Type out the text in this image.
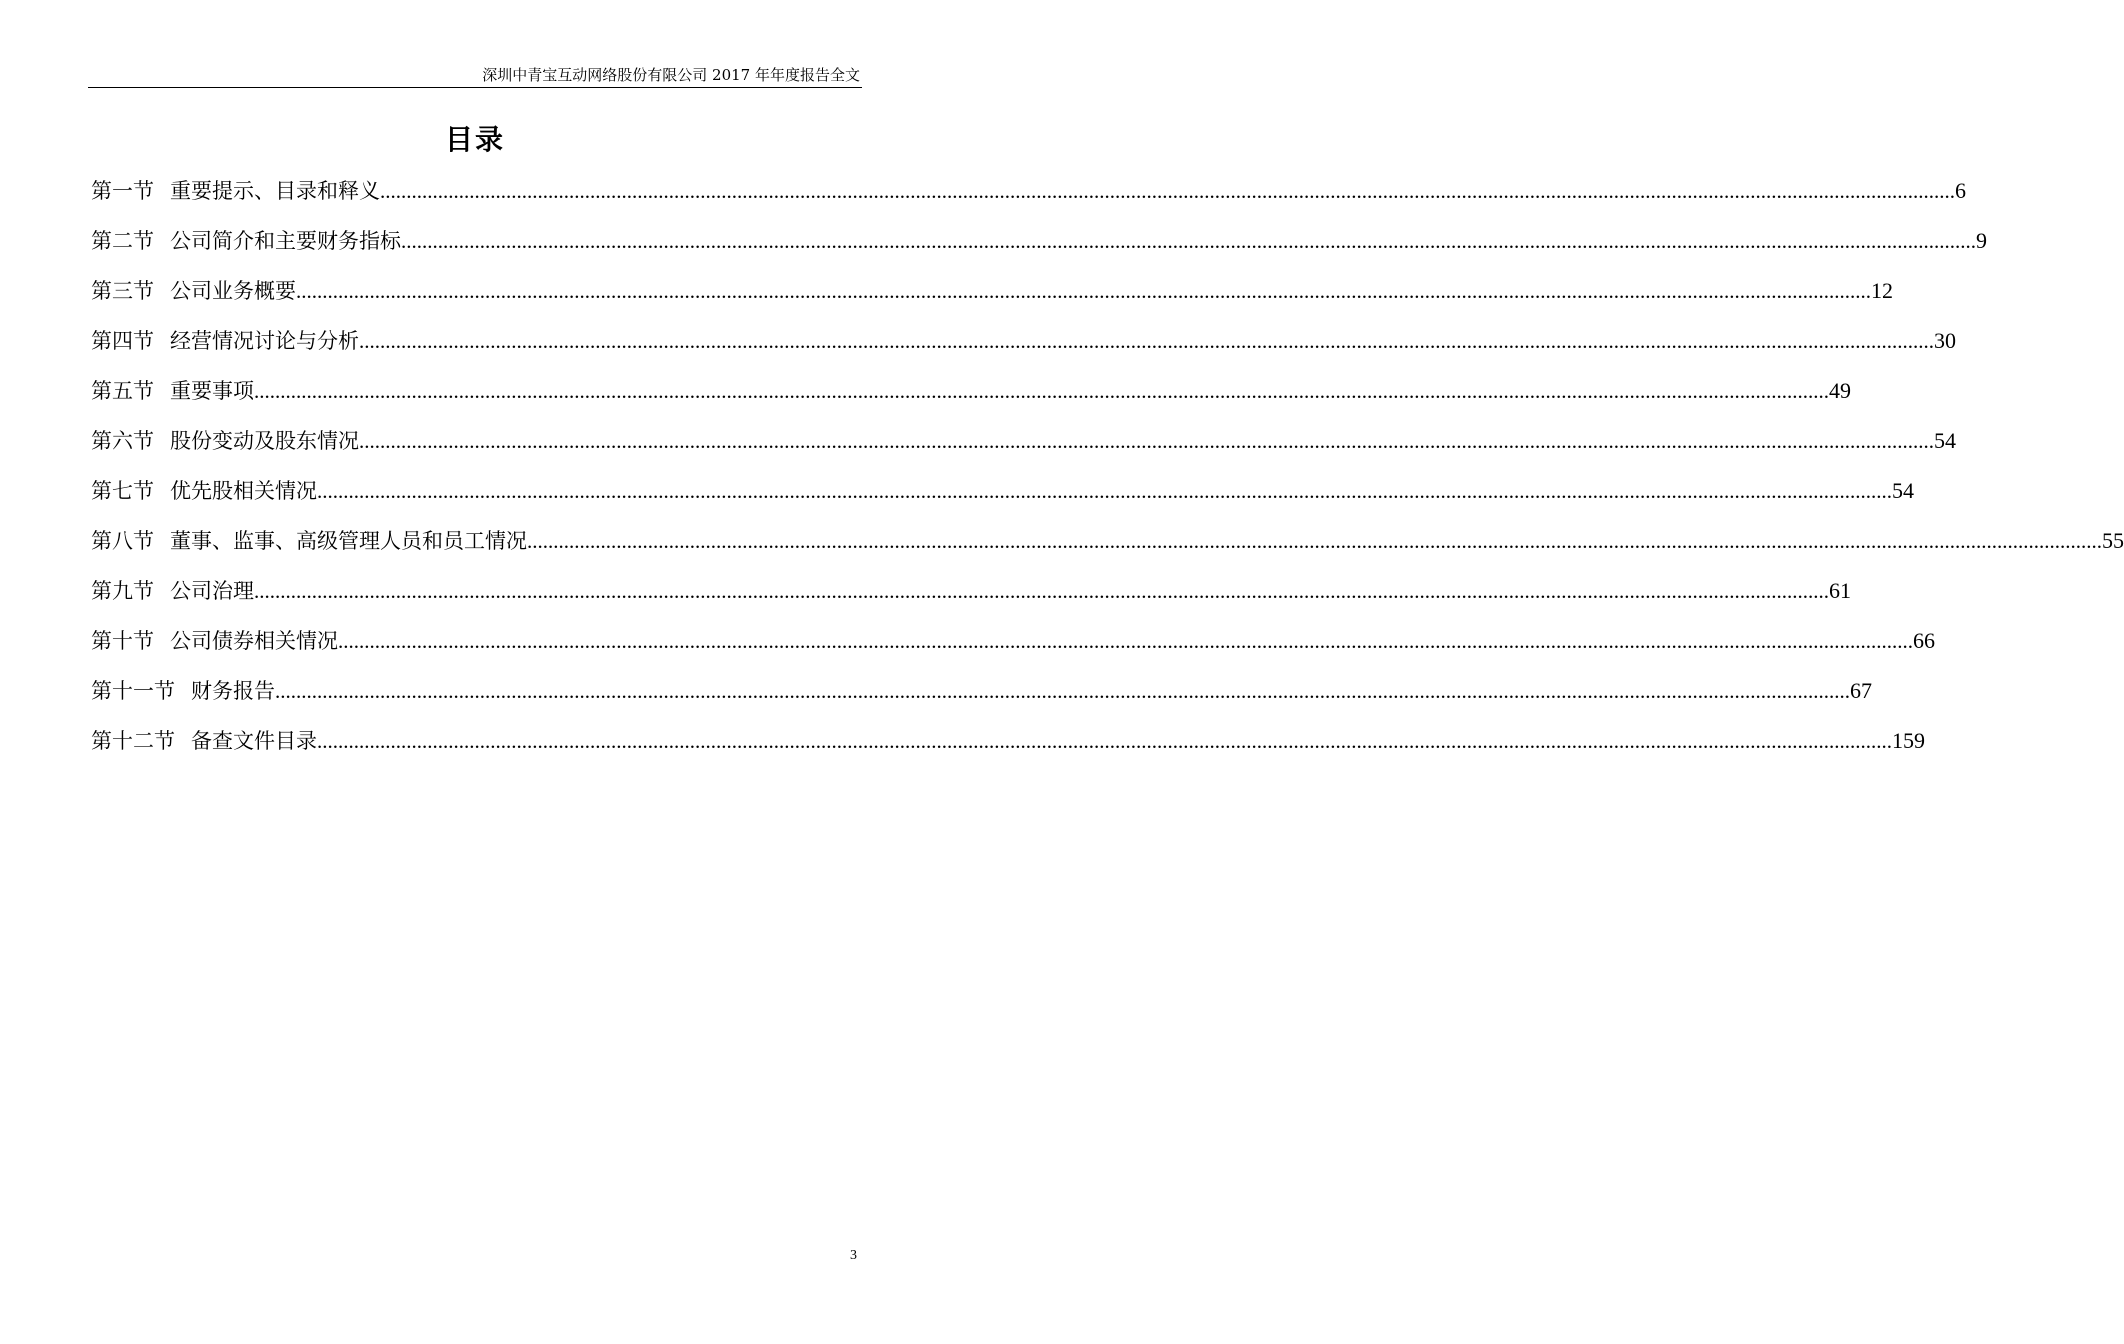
深圳中青宝互动网络股份有限公司 2017 年年度报告全文
目录
第一节 重要提示、目录和释义 ............................................................................................................................................................................................................................................................................................................ 6
第二节 公司简介和主要财务指标 ............................................................................................................................................................................................................................................................................................................ 9
第三节 公司业务概要 ............................................................................................................................................................................................................................................................................................................ 12
第四节 经营情况讨论与分析 ............................................................................................................................................................................................................................................................................................................ 30
第五节 重要事项 ............................................................................................................................................................................................................................................................................................................ 49
第六节 股份变动及股东情况 ............................................................................................................................................................................................................................................................................................................ 54
第七节 优先股相关情况 ............................................................................................................................................................................................................................................................................................................ 54
第八节 董事、监事、高级管理人员和员工情况 ............................................................................................................................................................................................................................................................................................................ 55
第九节 公司治理 ............................................................................................................................................................................................................................................................................................................ 61
第十节 公司债券相关情况 ............................................................................................................................................................................................................................................................................................................ 66
第十一节 财务报告 ............................................................................................................................................................................................................................................................................................................ 67
第十二节 备查文件目录 ............................................................................................................................................................................................................................................................................................................ 159
3
